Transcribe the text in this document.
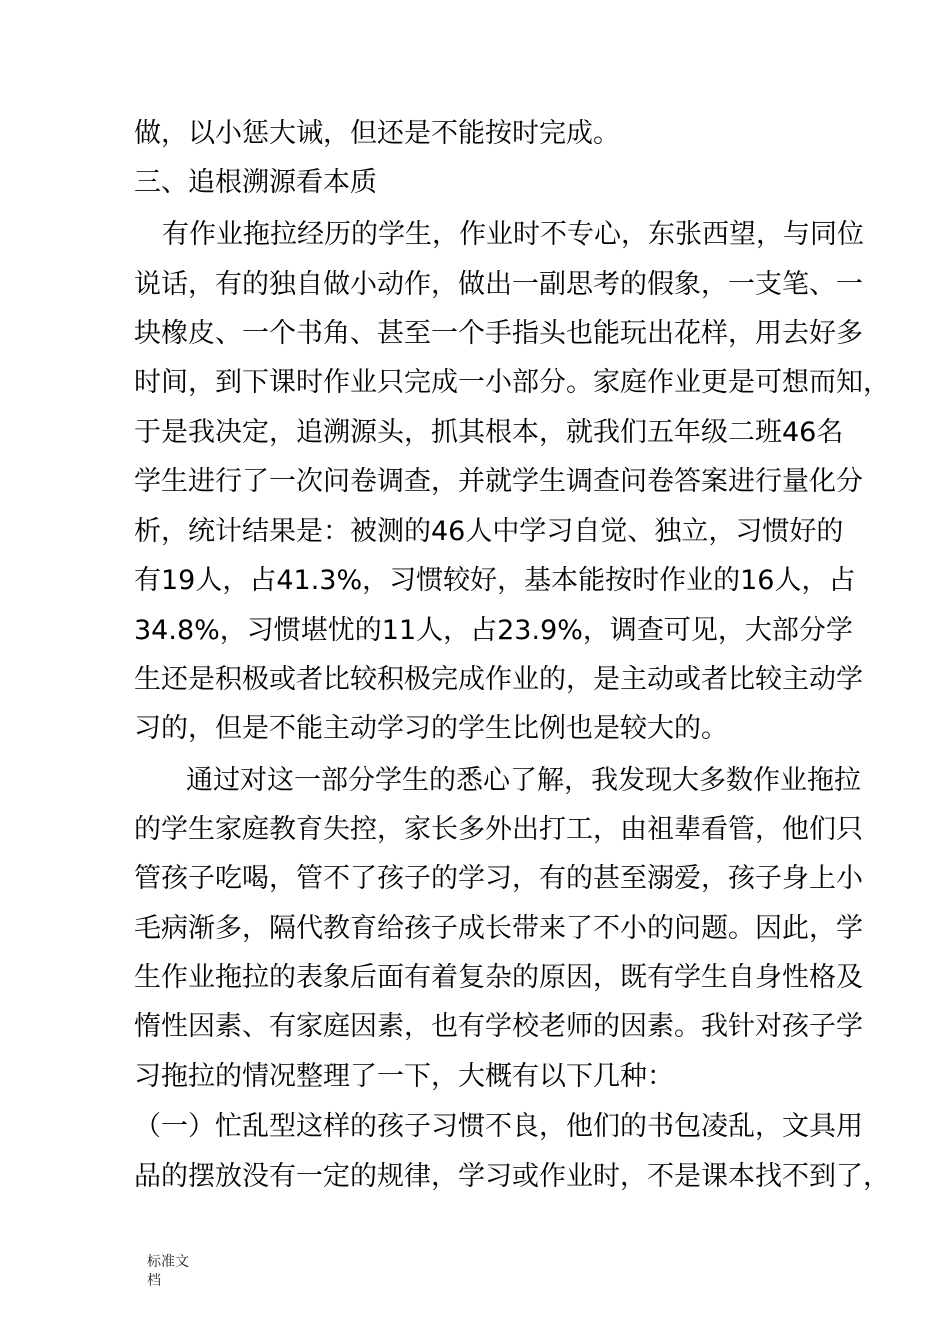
做，以小惩大诫，但还是不能按时完成。
三、追根溯源看本质
有作业拖拉经历的学生，作业时不专心，东张西望，与同位
说话，有的独自做小动作，做出一副思考的假象，一支笔、一
块橡皮、一个书角、甚至一个手指头也能玩出花样，用去好多
时间，到下课时作业只完成一小部分。家庭作业更是可想而知，
于是我决定，追溯源头，抓其根本，就我们五年级二班46名
学生进行了一次问卷调查，并就学生调查问卷答案进行量化分
析，统计结果是：被测的46人中学习自觉、独立，习惯好的
有19人，占41.3%，习惯较好，基本能按时作业的16人，占
34.8%，习惯堪忧的11人，占23.9%，调查可见，大部分学
生还是积极或者比较积极完成作业的，是主动或者比较主动学
习的，但是不能主动学习的学生比例也是较大的。
通过对这一部分学生的悉心了解，我发现大多数作业拖拉
的学生家庭教育失控，家长多外出打工，由祖辈看管，他们只
管孩子吃喝，管不了孩子的学习，有的甚至溺爱，孩子身上小
毛病渐多，隔代教育给孩子成长带来了不小的问题。因此，学
生作业拖拉的表象后面有着复杂的原因，既有学生自身性格及
惰性因素、有家庭因素，也有学校老师的因素。我针对孩子学
习拖拉的情况整理了一下，大概有以下几种：
（一）忙乱型这样的孩子习惯不良，他们的书包凌乱，文具用
品的摆放没有一定的规律，学习或作业时，不是课本找不到了，
标准文
档
